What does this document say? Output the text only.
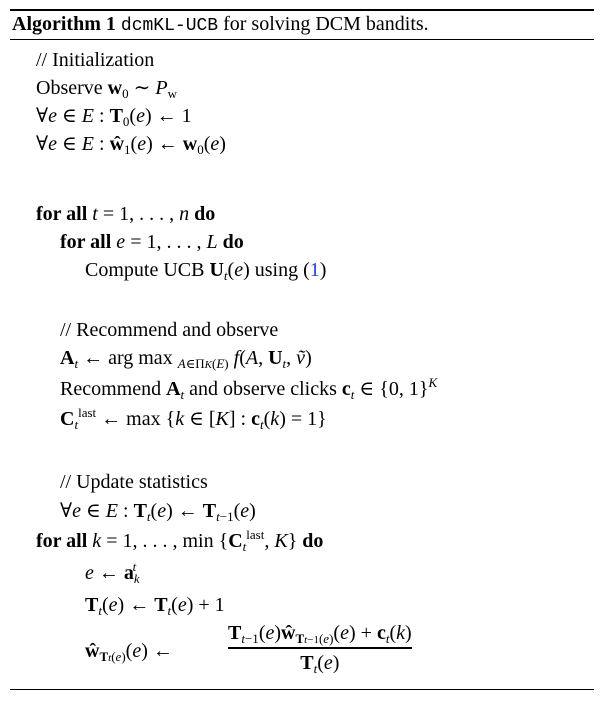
Algorithm 1 dcmKL-UCB for solving DCM bandits.
// Initialization
Observe $w_0$ ∼ $P_w$
∀e ∈ E : $T_0(e)$ ← 1
∀e ∈ E : $ŵ_1(e)$ ← $w_0(e)$
for all t = 1, . . . , n do
for all e = 1, . . . , L do
Compute UCB $U_t(e)$ using (1)
// Recommend and observe
$A_t$ ← arg max $_{A\in\Pi K(E)}$ f(A, $U_t$, ṽ)
Recommend $A_t$ and observe clicks $c_t$ ∈ {0, 1}$^K$
$C_t^{last}$ ← max {k ∈ [K] : $c_t(k) = 1$}
// Update statistics
∀e ∈ E : $T_t(e)$ ← $T_{t-1}(e)$
for all k = 1, . . . , $\min \{C_t^{last}$, K} do
e ← $a_k^t$
$T_t(e)$ ← $T_t(e) + 1$
$ŵ_{Tt(e)}(e)$ ←
$T_{t-1}(e)ŵ_{Tt-1(e)}(e) + c_t(k)$
$T_t(e)$
